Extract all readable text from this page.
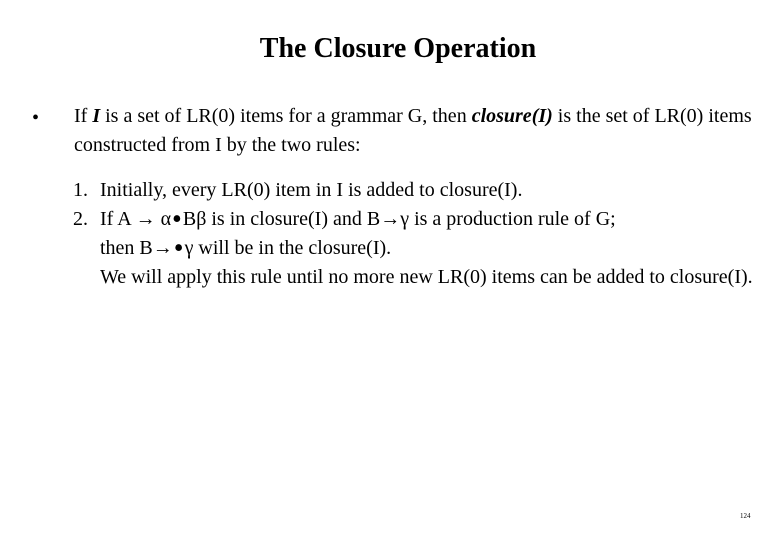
The Closure Operation
• If I is a set of LR(0) items for a grammar G, then closure(I) is the set of LR(0) items constructed from I by the two rules:
1. Initially, every LR(0) item in I is added to closure(I).
2. If A → α•Bβ is in closure(I) and B→γ is a production rule of G;
then B→•γ will be in the closure(I).
We will apply this rule until no more new LR(0) items can be added to closure(I).
124
